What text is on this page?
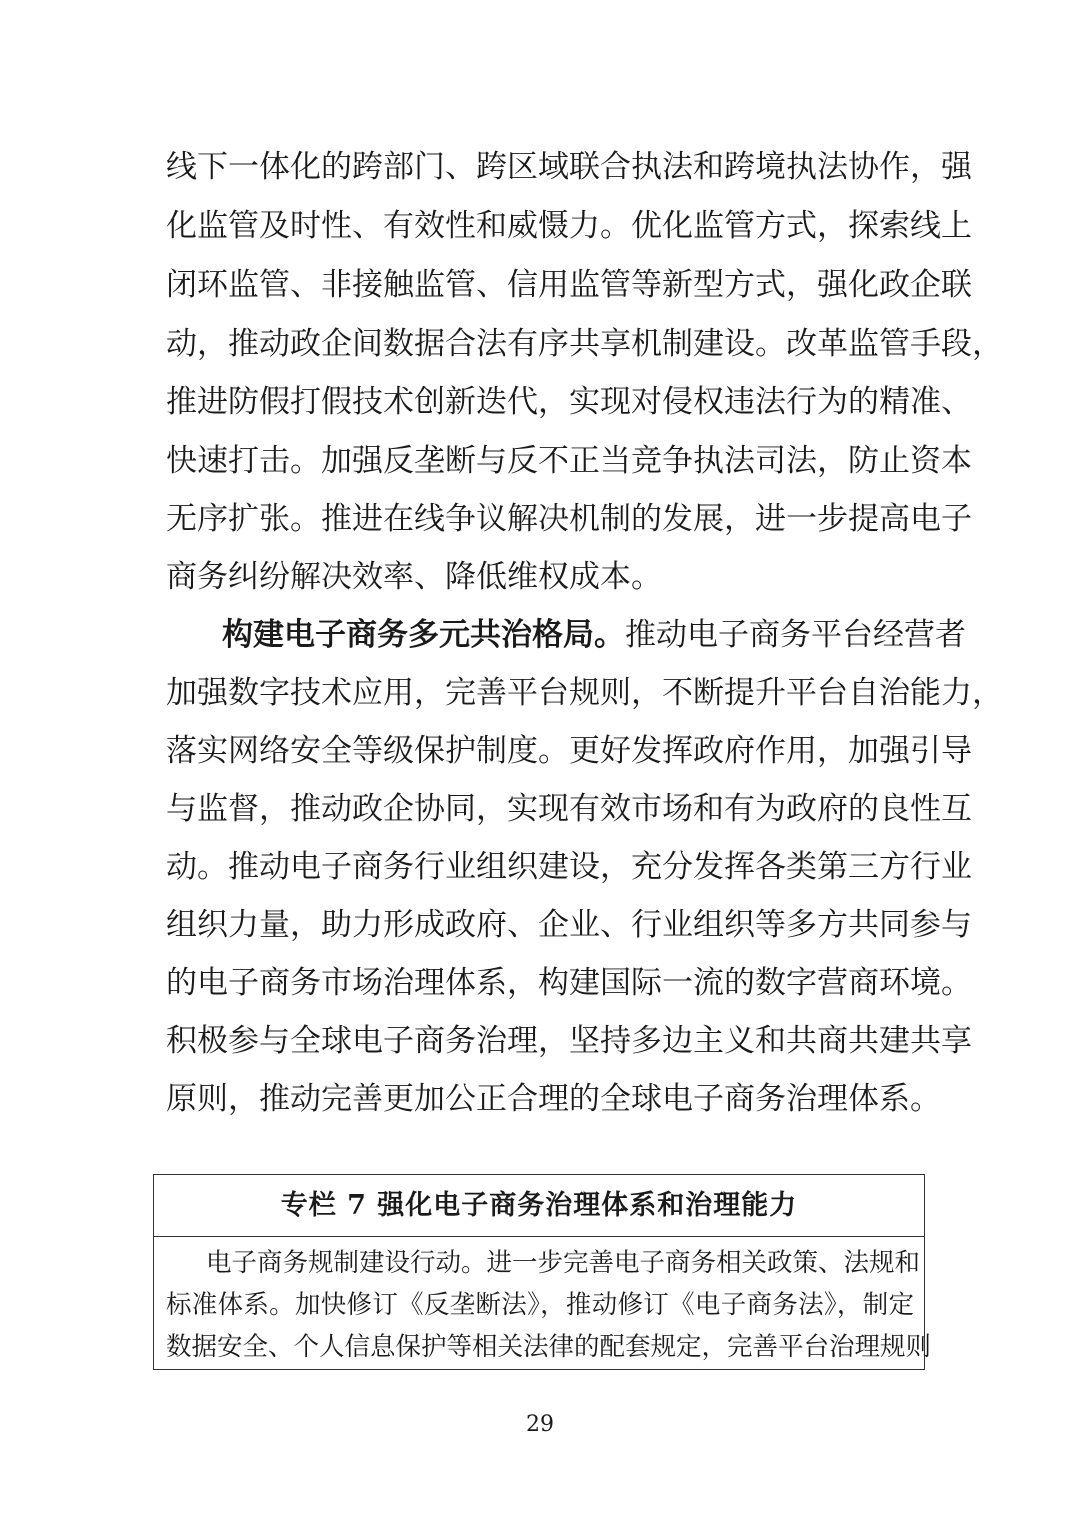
线下一体化的跨部门、跨区域联合执法和跨境执法协作，强
化监管及时性、有效性和威慑力。优化监管方式，探索线上
闭环监管、非接触监管、信用监管等新型方式，强化政企联
动，推动政企间数据合法有序共享机制建设。改革监管手段，
推进防假打假技术创新迭代，实现对侵权违法行为的精准、
快速打击。加强反垄断与反不正当竞争执法司法，防止资本
无序扩张。推进在线争议解决机制的发展，进一步提高电子
商务纠纷解决效率、降低维权成本。
构建电子商务多元共治格局。推动电子商务平台经营者
加强数字技术应用，完善平台规则，不断提升平台自治能力，
落实网络安全等级保护制度。更好发挥政府作用，加强引导
与监督，推动政企协同，实现有效市场和有为政府的良性互
动。推动电子商务行业组织建设，充分发挥各类第三方行业
组织力量，助力形成政府、企业、行业组织等多方共同参与
的电子商务市场治理体系，构建国际一流的数字营商环境。
积极参与全球电子商务治理，坚持多边主义和共商共建共享
原则，推动完善更加公正合理的全球电子商务治理体系。
专栏 7 强化电子商务治理体系和治理能力
电子商务规制建设行动。进一步完善电子商务相关政策、法规和
标准体系。加快修订《反垄断法》，推动修订《电子商务法》，制定
数据安全、个人信息保护等相关法律的配套规定，完善平台治理规则
29
